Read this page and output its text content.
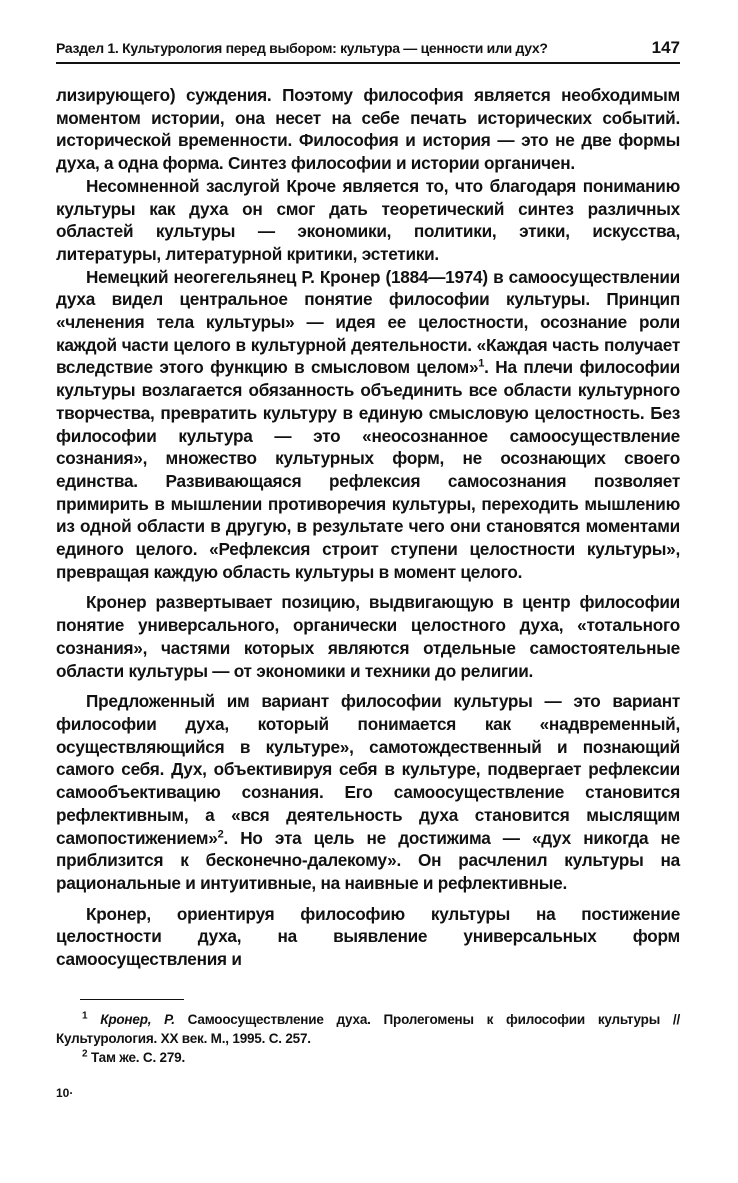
Раздел 1. Культурология перед выбором: культура — ценности или дух?	147

лизирующего) суждения. Поэтому философия является необходимым моментом истории, она несет на себе печать исторических событий. исторической временности. Философия и история — это не две формы духа, а одна форма. Синтез философии и истории органичен.

Несомненной заслугой Кроче является то, что благодаря пониманию культуры как духа он смог дать теоретический синтез различных областей культуры — экономики, политики, этики, искусства, литературы, литературной критики, эстетики.

Немецкий неогегельянец Р. Кронер (1884—1974) в самоосуществлении духа видел центральное понятие философии культуры. Принцип «членения тела культуры» — идея ее целостности, осознание роли каждой части целого в культурной деятельности. «Каждая часть получает вследствие этого функцию в смысловом целом»$^1$. На плечи философии культуры возлагается обязанность объединить все области культурного творчества, превратить культуру в единую смысловую целостность. Без философии культура — это «неосознанное самоосуществление сознания», множество культурных форм, не осознающих своего единства. Развивающаяся рефлексия самосознания позволяет примирить в мышлении противоречия культуры, переходить мышлению из одной области в другую, в результате чего они становятся моментами единого целого. «Рефлексия строит ступени целостности культуры», превращая каждую область культуры в момент целого.

Кронер развертывает позицию, выдвигающую в центр философии понятие универсального, органически целостного духа, «тотального сознания», частями которых являются отдельные самостоятельные области культуры — от экономики и техники до религии.

Предложенный им вариант философии культуры — это вариант философии духа, который понимается как «надвременный, осуществляющийся в культуре», самотождественный и познающий самого себя. Дух, объективируя себя в культуре, подвергает рефлексии самообъективацию сознания. Его самоосуществление становится рефлективным, а «вся деятельность духа становится мыслящим самопостижением»$^2$. Но эта цель не достижима — «дух никогда не приблизится к бесконечно-далекому». Он расчленил культуры на рациональные и интуитивные, на наивные и рефлективные.

Кронер, ориентируя философию культуры на постижение целостности духа, на выявление универсальных форм самоосуществления и

$^1$ Кронер, Р. Самоосуществление духа. Пролегомены к философии культуры // Культурология. XX век. М., 1995. С. 257.

$^2$ Там же. С. 279.

10·
